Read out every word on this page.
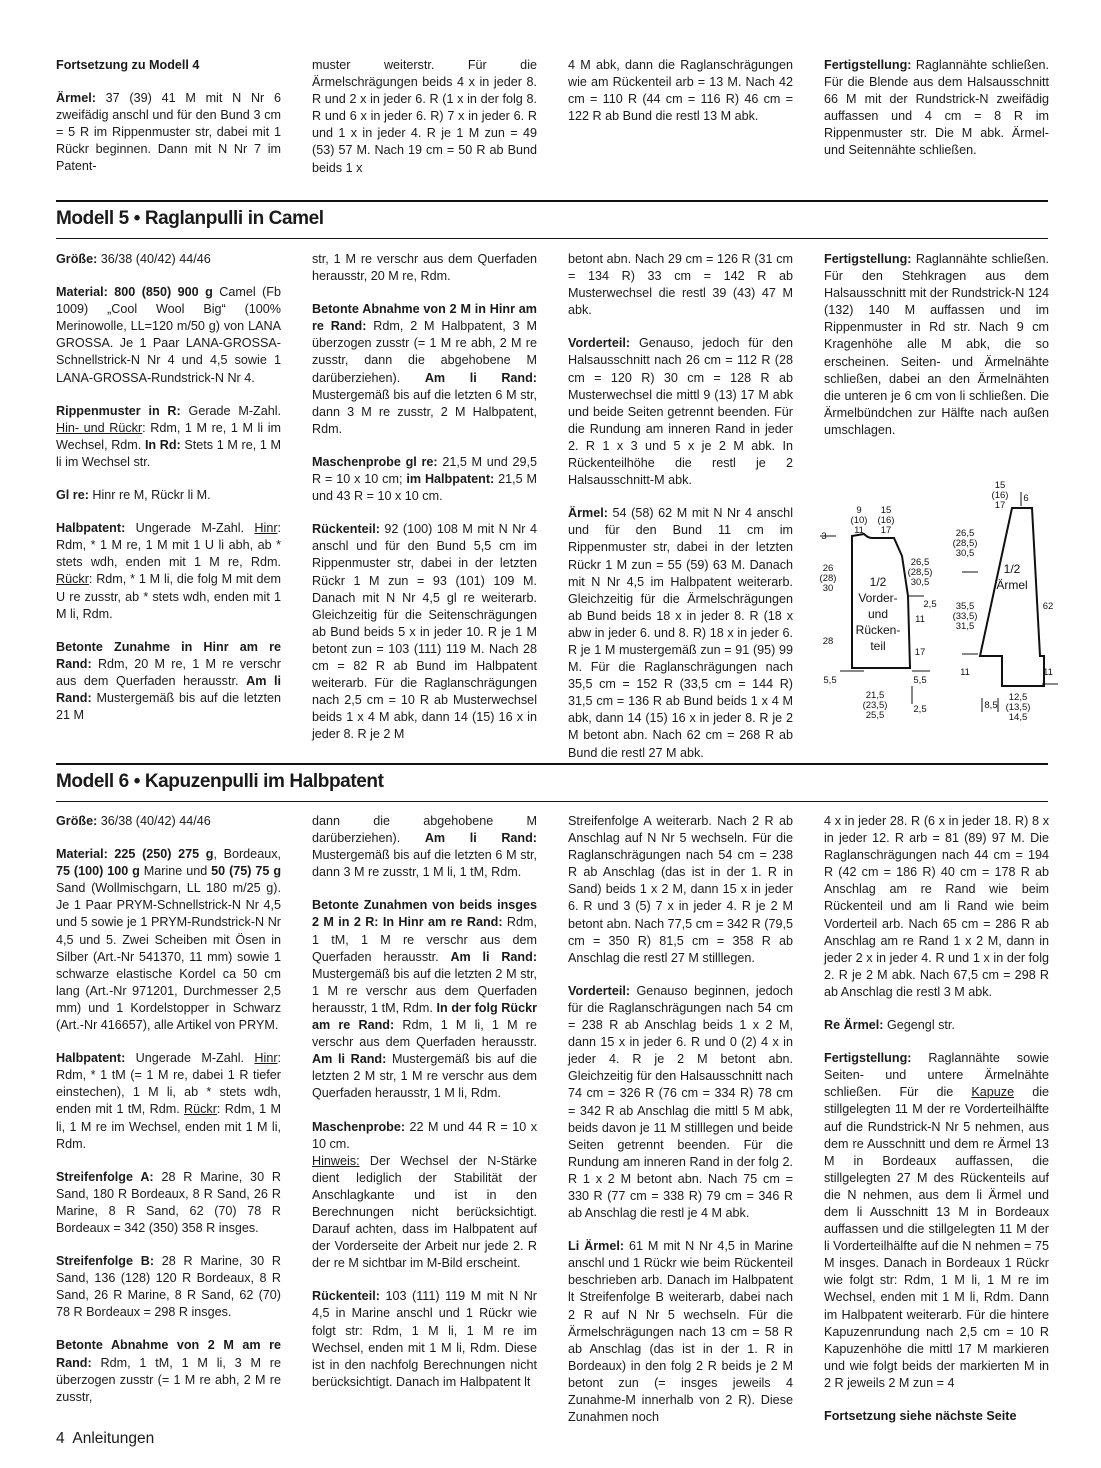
Fortsetzung zu Modell 4

Ärmel: 37 (39) 41 M mit N Nr 6 zweifädig anschl und für den Bund 3 cm = 5 R im Rippenmuster str, dabei mit 1 Rückr beginnen. Dann mit N Nr 7 im Patent-

muster weiterstr. Für die Ärmelschrägungen beids 4 x in jeder 8. R und 2 x in jeder 6. R (1 x in der folg 8. R und 6 x in jeder 6. R) 7 x in jeder 6. R und 1 x in jeder 4. R je 1 M zun = 49 (53) 57 M. Nach 19 cm = 50 R ab Bund beids 1 x

4 M abk, dann die Raglanschrägungen wie am Rückenteil arb = 13 M. Nach 42 cm = 110 R (44 cm = 116 R) 46 cm = 122 R ab Bund die restl 13 M abk.

Fertigstellung: Raglannähte schließen. Für die Blende aus dem Halsausschnitt 66 M mit der Rundstrick-N zweifädig auffassen und 4 cm = 8 R im Rippenmuster str. Die M abk. Ärmel- und Seitennähte schließen.

Modell 5 • Raglanpulli in Camel

Größe: 36/38 (40/42) 44/46

Material: 800 (850) 900 g Camel (Fb 1009) „Cool Wool Big“ (100% Merinowolle, LL=120 m/50 g) von LANA GROSSA. Je 1 Paar LANA-GROSSA-Schnellstrick-N Nr 4 und 4,5 sowie 1 LANA-GROSSA-Rundstrick-N Nr 4.

Rippenmuster in R: Gerade M-Zahl. Hin- und Rückr: Rdm, 1 M re, 1 M li im Wechsel, Rdm. In Rd: Stets 1 M re, 1 M li im Wechsel str.

Gl re: Hinr re M, Rückr li M.

Halbpatent: Ungerade M-Zahl. Hinr: Rdm, * 1 M re, 1 M mit 1 U li abh, ab * stets wdh, enden mit 1 M re, Rdm. Rückr: Rdm, * 1 M li, die folg M mit dem U re zusstr, ab * stets wdh, enden mit 1 M li, Rdm.

Betonte Zunahme in Hinr am re Rand: Rdm, 20 M re, 1 M re verschr aus dem Querfaden herausstr. Am li Rand: Mustergemäß bis auf die letzten 21 M

str, 1 M re verschr aus dem Querfaden herausstr, 20 M re, Rdm.

Betonte Abnahme von 2 M in Hinr am re Rand: Rdm, 2 M Halbpatent, 3 M überzogen zusstr (= 1 M re abh, 2 M re zusstr, dann die abgehobene M darüberziehen). Am li Rand: Mustergemäß bis auf die letzten 6 M str, dann 3 M re zusstr, 2 M Halbpatent, Rdm.

Maschenprobe gl re: 21,5 M und 29,5 R = 10 x 10 cm; im Halbpatent: 21,5 M und 43 R = 10 x 10 cm.

Rückenteil: 92 (100) 108 M mit N Nr 4 anschl und für den Bund 5,5 cm im Rippenmuster str, dabei in der letzten Rückr 1 M zun = 93 (101) 109 M. Danach mit N Nr 4,5 gl re weiterarb. Gleichzeitig für die Seitenschrägungen ab Bund beids 5 x in jeder 10. R je 1 M betont zun = 103 (111) 119 M. Nach 28 cm = 82 R ab Bund im Halbpatent weiterarb. Für die Raglanschrägungen nach 2,5 cm = 10 R ab Musterwechsel beids 1 x 4 M abk, dann 14 (15) 16 x in jeder 8. R je 2 M

betont abn. Nach 29 cm = 126 R (31 cm = 134 R) 33 cm = 142 R ab Musterwechsel die restl 39 (43) 47 M abk.

Vorderteil: Genauso, jedoch für den Halsausschnitt nach 26 cm = 112 R (28 cm = 120 R) 30 cm = 128 R ab Musterwechsel die mittl 9 (13) 17 M abk und beide Seiten getrennt beenden. Für die Rundung am inneren Rand in jeder 2. R 1 x 3 und 5 x je 2 M abk. In Rückenteilhöhe die restl je 2 Halsausschnitt-M abk.

Ärmel: 54 (58) 62 M mit N Nr 4 anschl und für den Bund 11 cm im Rippenmuster str, dabei in der letzten Rückr 1 M zun = 55 (59) 63 M. Danach mit N Nr 4,5 im Halbpatent weiterarb. Gleichzeitig für die Ärmelschrägungen ab Bund beids 18 x in jeder 8. R (18 x abw in jeder 6. und 8. R) 18 x in jeder 6. R je 1 M mustergemäß zun = 91 (95) 99 M. Für die Raglanschrägungen nach 35,5 cm = 152 R (33,5 cm = 144 R) 31,5 cm = 136 R ab Bund beids 1 x 4 M abk, dann 14 (15) 16 x in jeder 8. R je 2 M betont abn. Nach 62 cm = 268 R ab Bund die restl 27 M abk.

Fertigstellung: Raglannähte schließen. Für den Stehkragen aus dem Halsausschnitt mit der Rundstrick-N 124 (132) 140 M auffassen und im Rippenmuster in Rd str. Nach 9 cm Kragenhöhe alle M abk, die so erscheinen. Seiten- und Ärmelnähte schließen, dabei an den Ärmelnähten die unteren je 6 cm von li schließen. Die Ärmelbündchen zur Hälfte nach außen umschlagen.

9
(10)
11
15
(16)
17
3
26
(28)
30
28
5,5
26,5
(28,5)
30,5
2,5
11
17
5,5
21,5
(23,5)
25,5
2,5
15
(16)
17
6
26,5
(28,5)
30,5
35,5
(33,5)
31,5
11
62
11
8,5
12,5
(13,5)
14,5
1/2
Vorder-
und
Rücken-
teil
1/2
Ärmel
Modell 6 • Kapuzenpulli im Halbpatent

Größe: 36/38 (40/42) 44/46

Material: 225 (250) 275 g, Bordeaux, 75 (100) 100 g Marine und 50 (75) 75 g Sand (Wollmischgarn, LL 180 m/25 g). Je 1 Paar PRYM-Schnellstrick-N Nr 4,5 und 5 sowie je 1 PRYM-Rundstrick-N Nr 4,5 und 5. Zwei Scheiben mit Ösen in Silber (Art.-Nr 541370, 11 mm) sowie 1 schwarze elastische Kordel ca 50 cm lang (Art.-Nr 971201, Durchmesser 2,5 mm) und 1 Kordelstopper in Schwarz (Art.-Nr 416657), alle Artikel von PRYM.

Halbpatent: Ungerade M-Zahl. Hinr: Rdm, * 1 tM (= 1 M re, dabei 1 R tiefer einstechen), 1 M li, ab * stets wdh, enden mit 1 tM, Rdm. Rückr: Rdm, 1 M li, 1 M re im Wechsel, enden mit 1 M li, Rdm.

Streifenfolge A: 28 R Marine, 30 R Sand, 180 R Bordeaux, 8 R Sand, 26 R Marine, 8 R Sand, 62 (70) 78 R Bordeaux = 342 (350) 358 R insges.

Streifenfolge B: 28 R Marine, 30 R Sand, 136 (128) 120 R Bordeaux, 8 R Sand, 26 R Marine, 8 R Sand, 62 (70) 78 R Bordeaux = 298 R insges.

Betonte Abnahme von 2 M am re Rand: Rdm, 1 tM, 1 M li, 3 M re überzogen zusstr (= 1 M re abh, 2 M re zusstr,

dann die abgehobene M darüberziehen). Am li Rand: Mustergemäß bis auf die letzten 6 M str, dann 3 M re zusstr, 1 M li, 1 tM, Rdm.

Betonte Zunahmen von beids insges 2 M in 2 R: In Hinr am re Rand: Rdm, 1 tM, 1 M re verschr aus dem Querfaden herausstr. Am li Rand: Mustergemäß bis auf die letzten 2 M str, 1 M re verschr aus dem Querfaden herausstr, 1 tM, Rdm. In der folg Rückr am re Rand: Rdm, 1 M li, 1 M re verschr aus dem Querfaden herausstr. Am li Rand: Mustergemäß bis auf die letzten 2 M str, 1 M re verschr aus dem Querfaden herausstr, 1 M li, Rdm.

Maschenprobe: 22 M und 44 R = 10 x 10 cm.
Hinweis: Der Wechsel der N-Stärke dient lediglich der Stabilität der Anschlagkante und ist in den Berechnungen nicht berücksichtigt. Darauf achten, dass im Halbpatent auf der Vorderseite der Arbeit nur jede 2. R der re M sichtbar im M-Bild erscheint.

Rückenteil: 103 (111) 119 M mit N Nr 4,5 in Marine anschl und 1 Rückr wie folgt str: Rdm, 1 M li, 1 M re im Wechsel, enden mit 1 M li, Rdm. Diese ist in den nachfolg Berechnungen nicht berücksichtigt. Danach im Halbpatent lt

Streifenfolge A weiterarb. Nach 2 R ab Anschlag auf N Nr 5 wechseln. Für die Raglanschrägungen nach 54 cm = 238 R ab Anschlag (das ist in der 1. R in Sand) beids 1 x 2 M, dann 15 x in jeder 6. R und 3 (5) 7 x in jeder 4. R je 2 M betont abn. Nach 77,5 cm = 342 R (79,5 cm = 350 R) 81,5 cm = 358 R ab Anschlag die restl 27 M stilllegen.

Vorderteil: Genauso beginnen, jedoch für die Raglanschrägungen nach 54 cm = 238 R ab Anschlag beids 1 x 2 M, dann 15 x in jeder 6. R und 0 (2) 4 x in jeder 4. R je 2 M betont abn. Gleichzeitig für den Halsausschnitt nach 74 cm = 326 R (76 cm = 334 R) 78 cm = 342 R ab Anschlag die mittl 5 M abk, beids davon je 11 M stilllegen und beide Seiten getrennt beenden. Für die Rundung am inneren Rand in der folg 2. R 1 x 2 M betont abn. Nach 75 cm = 330 R (77 cm = 338 R) 79 cm = 346 R ab Anschlag die restl je 4 M abk.

Li Ärmel: 61 M mit N Nr 4,5 in Marine anschl und 1 Rückr wie beim Rückenteil beschrieben arb. Danach im Halbpatent lt Streifenfolge B weiterarb, dabei nach 2 R auf N Nr 5 wechseln. Für die Ärmelschrägungen nach 13 cm = 58 R ab Anschlag (das ist in der 1. R in Bordeaux) in den folg 2 R beids je 2 M betont zun (= insges jeweils 4 Zunahme-M innerhalb von 2 R). Diese Zunahmen noch

4 x in jeder 28. R (6 x in jeder 18. R) 8 x in jeder 12. R arb = 81 (89) 97 M. Die Raglanschrägungen nach 44 cm = 194 R (42 cm = 186 R) 40 cm = 178 R ab Anschlag am re Rand wie beim Rückenteil und am li Rand wie beim Vorderteil arb. Nach 65 cm = 286 R ab Anschlag am re Rand 1 x 2 M, dann in jeder 2 x in jeder 4. R und 1 x in der folg 2. R je 2 M abk. Nach 67,5 cm = 298 R ab Anschlag die restl 3 M abk.

Re Ärmel: Gegengl str.

Fertigstellung: Raglannähte sowie Seiten- und untere Ärmelnähte schließen. Für die Kapuze die stillgelegten 11 M der re Vorderteilhälfte auf die Rundstrick-N Nr 5 nehmen, aus dem re Ausschnitt und dem re Ärmel 13 M in Bordeaux auffassen, die stillgelegten 27 M des Rückenteils auf die N nehmen, aus dem li Ärmel und dem li Ausschnitt 13 M in Bordeaux auffassen und die stillgelegten 11 M der li Vorderteilhälfte auf die N nehmen = 75 M insges. Danach in Bordeaux 1 Rückr wie folgt str: Rdm, 1 M li, 1 M re im Wechsel, enden mit 1 M li, Rdm. Dann im Halbpatent weiterarb. Für die hintere Kapuzenrundung nach 2,5 cm = 10 R Kapuzenhöhe die mittl 17 M markieren und wie folgt beids der markierten M in 2 R jeweils 2 M zun = 4

Fortsetzung siehe nächste Seite

4 Anleitungen
